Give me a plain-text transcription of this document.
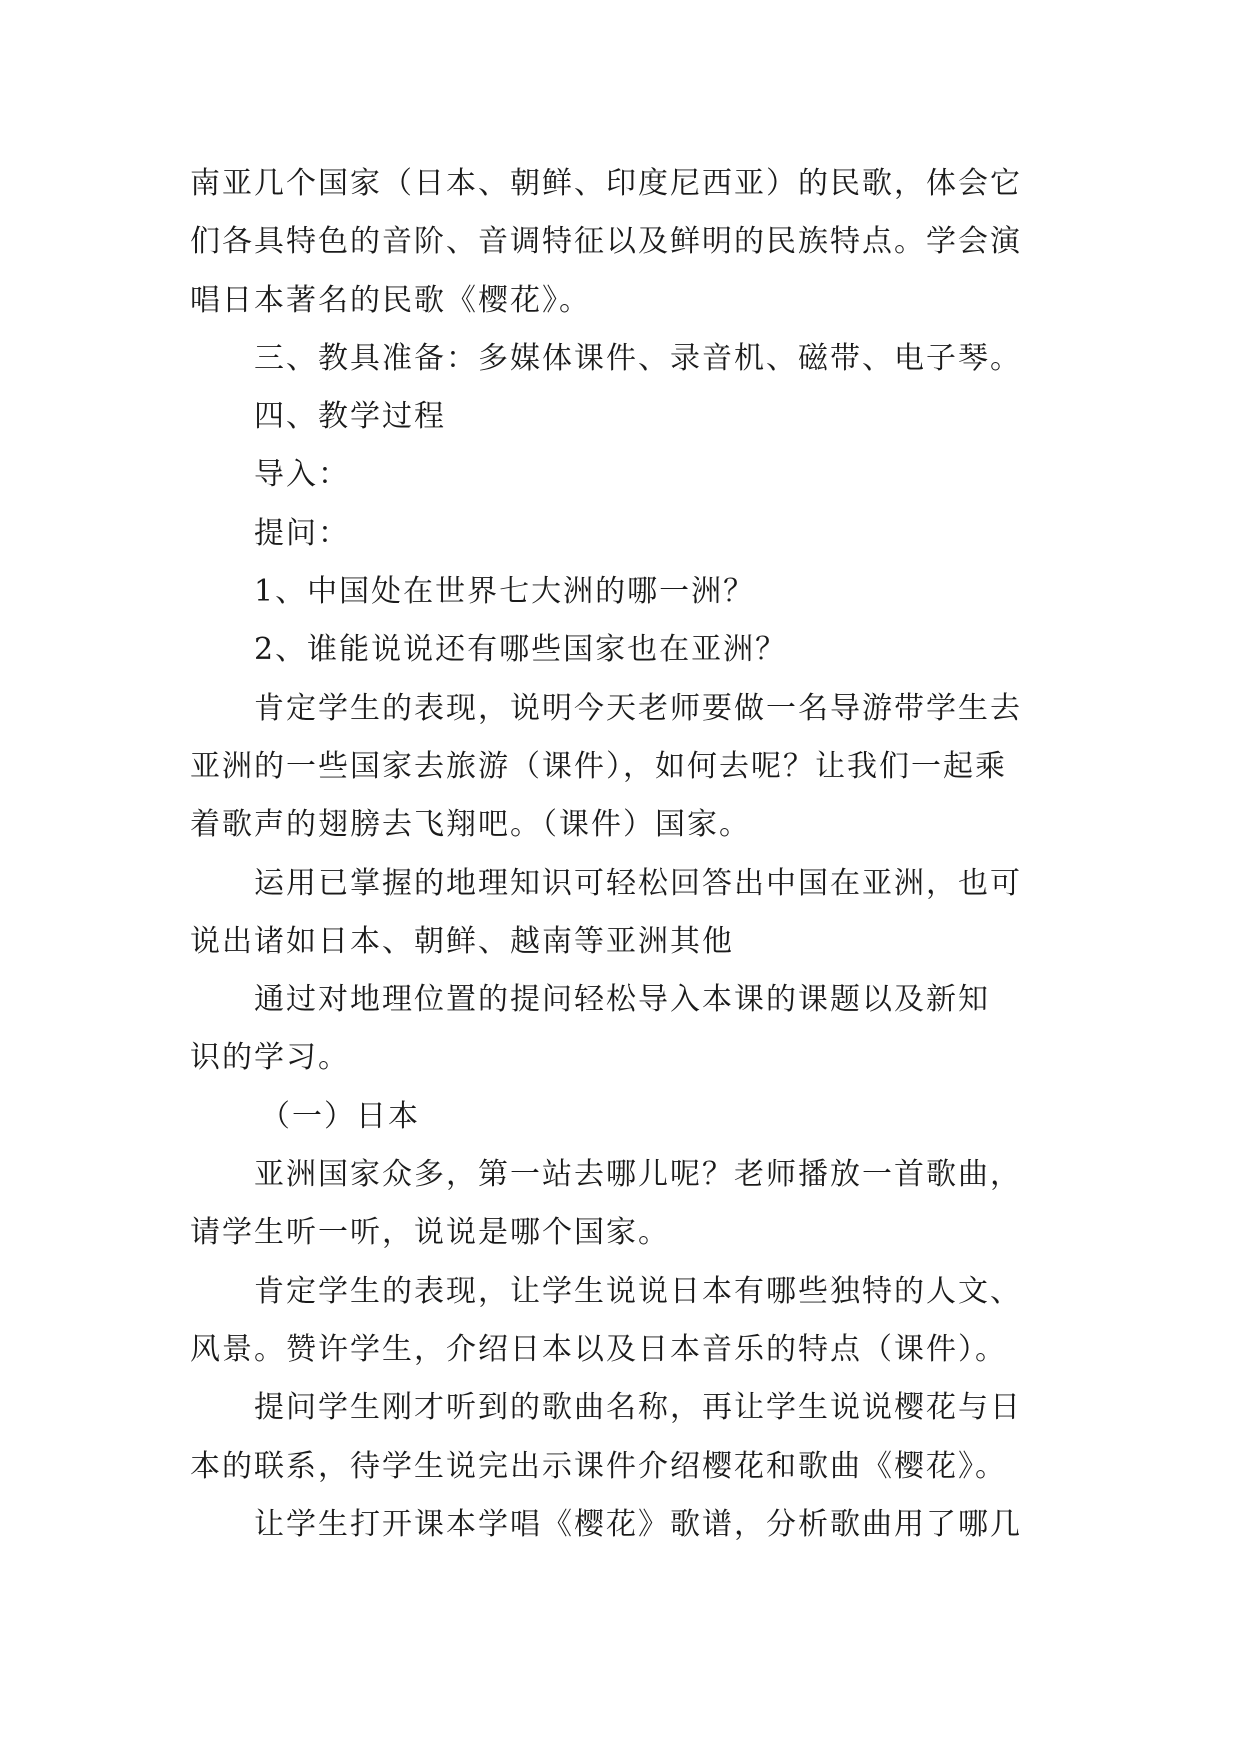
南亚几个国家（日本、朝鲜、印度尼西亚）的民歌，体会它
们各具特色的音阶、音调特征以及鲜明的民族特点。学会演
唱日本著名的民歌《樱花》。
三、教具准备：多媒体课件、录音机、磁带、电子琴。
四、教学过程
导入：
提问：
1、中国处在世界七大洲的哪一洲？
2、谁能说说还有哪些国家也在亚洲？
肯定学生的表现，说明今天老师要做一名导游带学生去
亚洲的一些国家去旅游（课件），如何去呢？让我们一起乘
着歌声的翅膀去飞翔吧。（课件）国家。
运用已掌握的地理知识可轻松回答出中国在亚洲，也可
说出诸如日本、朝鲜、越南等亚洲其他
通过对地理位置的提问轻松导入本课的课题以及新知
识的学习。
（一）日本
亚洲国家众多，第一站去哪儿呢？老师播放一首歌曲，
请学生听一听，说说是哪个国家。
肯定学生的表现，让学生说说日本有哪些独特的人文、
风景。赞许学生，介绍日本以及日本音乐的特点（课件）。
提问学生刚才听到的歌曲名称，再让学生说说樱花与日
本的联系，待学生说完出示课件介绍樱花和歌曲《樱花》。
让学生打开课本学唱《樱花》歌谱，分析歌曲用了哪几
